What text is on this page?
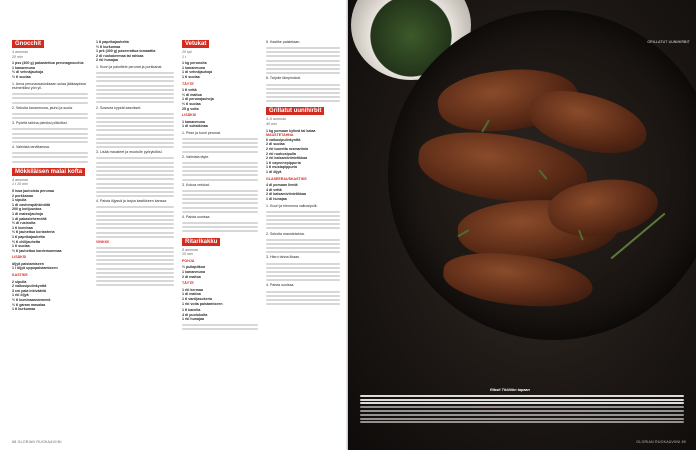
Gnocchit

4 annosta
20 min

1 pss (400 g) pakastettua perunagnocchia
1 kananmuna
½ dl vehnäjauhoja
½ tl suolaa

1. Anna perunaosasiokkaan sulaa jääkaapissa esimerkiksi yön yli.

2. Sekoita kananmuna, jauho ja suola.

3. Pyöritä taikina pieniksi pötköiksi.

4. Valmista tarvittaessa.

Mökkiläisen malai kofta

4 annosta
1 t 10 min

5 isoa jauhoista perunaa
2 porkkanaa
1 sipulia
1 dl cashewpähkinöitä
200 g kotijuustoa
1 dl maissijauhoja
1 dl pakasteherneitä
½ dl rusinoita
1 tl kuminaa
½ tl jauhettua korianteria
1 tl paprikajauhetta
½ tl chilijauhetta
1 tl suolaa
½ tl jauhettua kardemummaa

LISÄKSI

öljyä paistamiseen
1 l öljyä uppopaistamiseen

KASTIKE

2 sipulia
2 valkosipulinkynttä
3 cm pala inkivääriä
1 rkl öljyä
½ tl kuminaansiemenä
½ tl garam masalaa
1 tl kurkumaa

1 tl paprikajauhetta
½ tl kurkumaa
1 prk (400 g) paseerattua tomaattia
2 dl ruokakermaa tai rahkaa
2 rkl hunajaa

1. Kuori ja paloittele perunat ja porkkanat.

2. Soseuta kypsät kasvikset.

3. Lisää mausteet ja muotoile pyöryköiksi.

4. Paista öljyssä ja tarjoa kastikkeen kanssa.

VINKKI!

Vetukat

20 kpl
1 t

1 kg perunoita
1 kananmuna
1 dl vehnäjauhoja
1 tl suolaa

TÄYTE

1 tl vettä
½ dl maitoa
1 dl perunajauhoja
½ tl suolaa
25 g voita

LISÄKSI

1 kananmuna
1 dl voitaikinaa

1. Pese ja kuori perunat.

2. Valmista täyte.

3. Kokoa vetukat.

4. Paista uunissa.

Ritarikakku

8 annosta
15 min

POHJA

½ pullapitkoa
1 kananmuna
2 dl maitoa

TÄYTE

1 rkl kermaa
1 dl maitoa
1 tl vaniljasokeria
1 rkl voita paistamiseen

1 tl kanelia
4 dl puolukoita
1 rkl hunajaa

5. Kastike paistetaan.

6. Tarjoile lämpimänä.

Grillatut uunihirbit

4–6 annosta
40 min

1 kg porsaan kylkeä tai kalaa
MAUSTETAHNA
6 valkosipulinkynttä
2 dl suolaa
2 rkl tuoretta rosmariinia
2 rkl ruohosipulia
2 rkl balsamiviinietikkaa
1 tl cayennepippuria
1 tl mustapippuria
1 dl öljyä

GLASEERAUSKASTIKE

4 dl porsaan lientä
4 dl vettä
2 dl balsamiviinietikkaa
1 dl hunajaa

1. Kuori ja hienonna valkosipulit.

2. Sekoita maustetahna.

3. Hiero tahna lihaan.

4. Paista uunissa.

88 GLORIAN RUOKA&VIINI
GRILLATUT UUNIHIRBIT
Ribsit Töölöön tapaan
GLORIAN RUOKA&VIINI 89
